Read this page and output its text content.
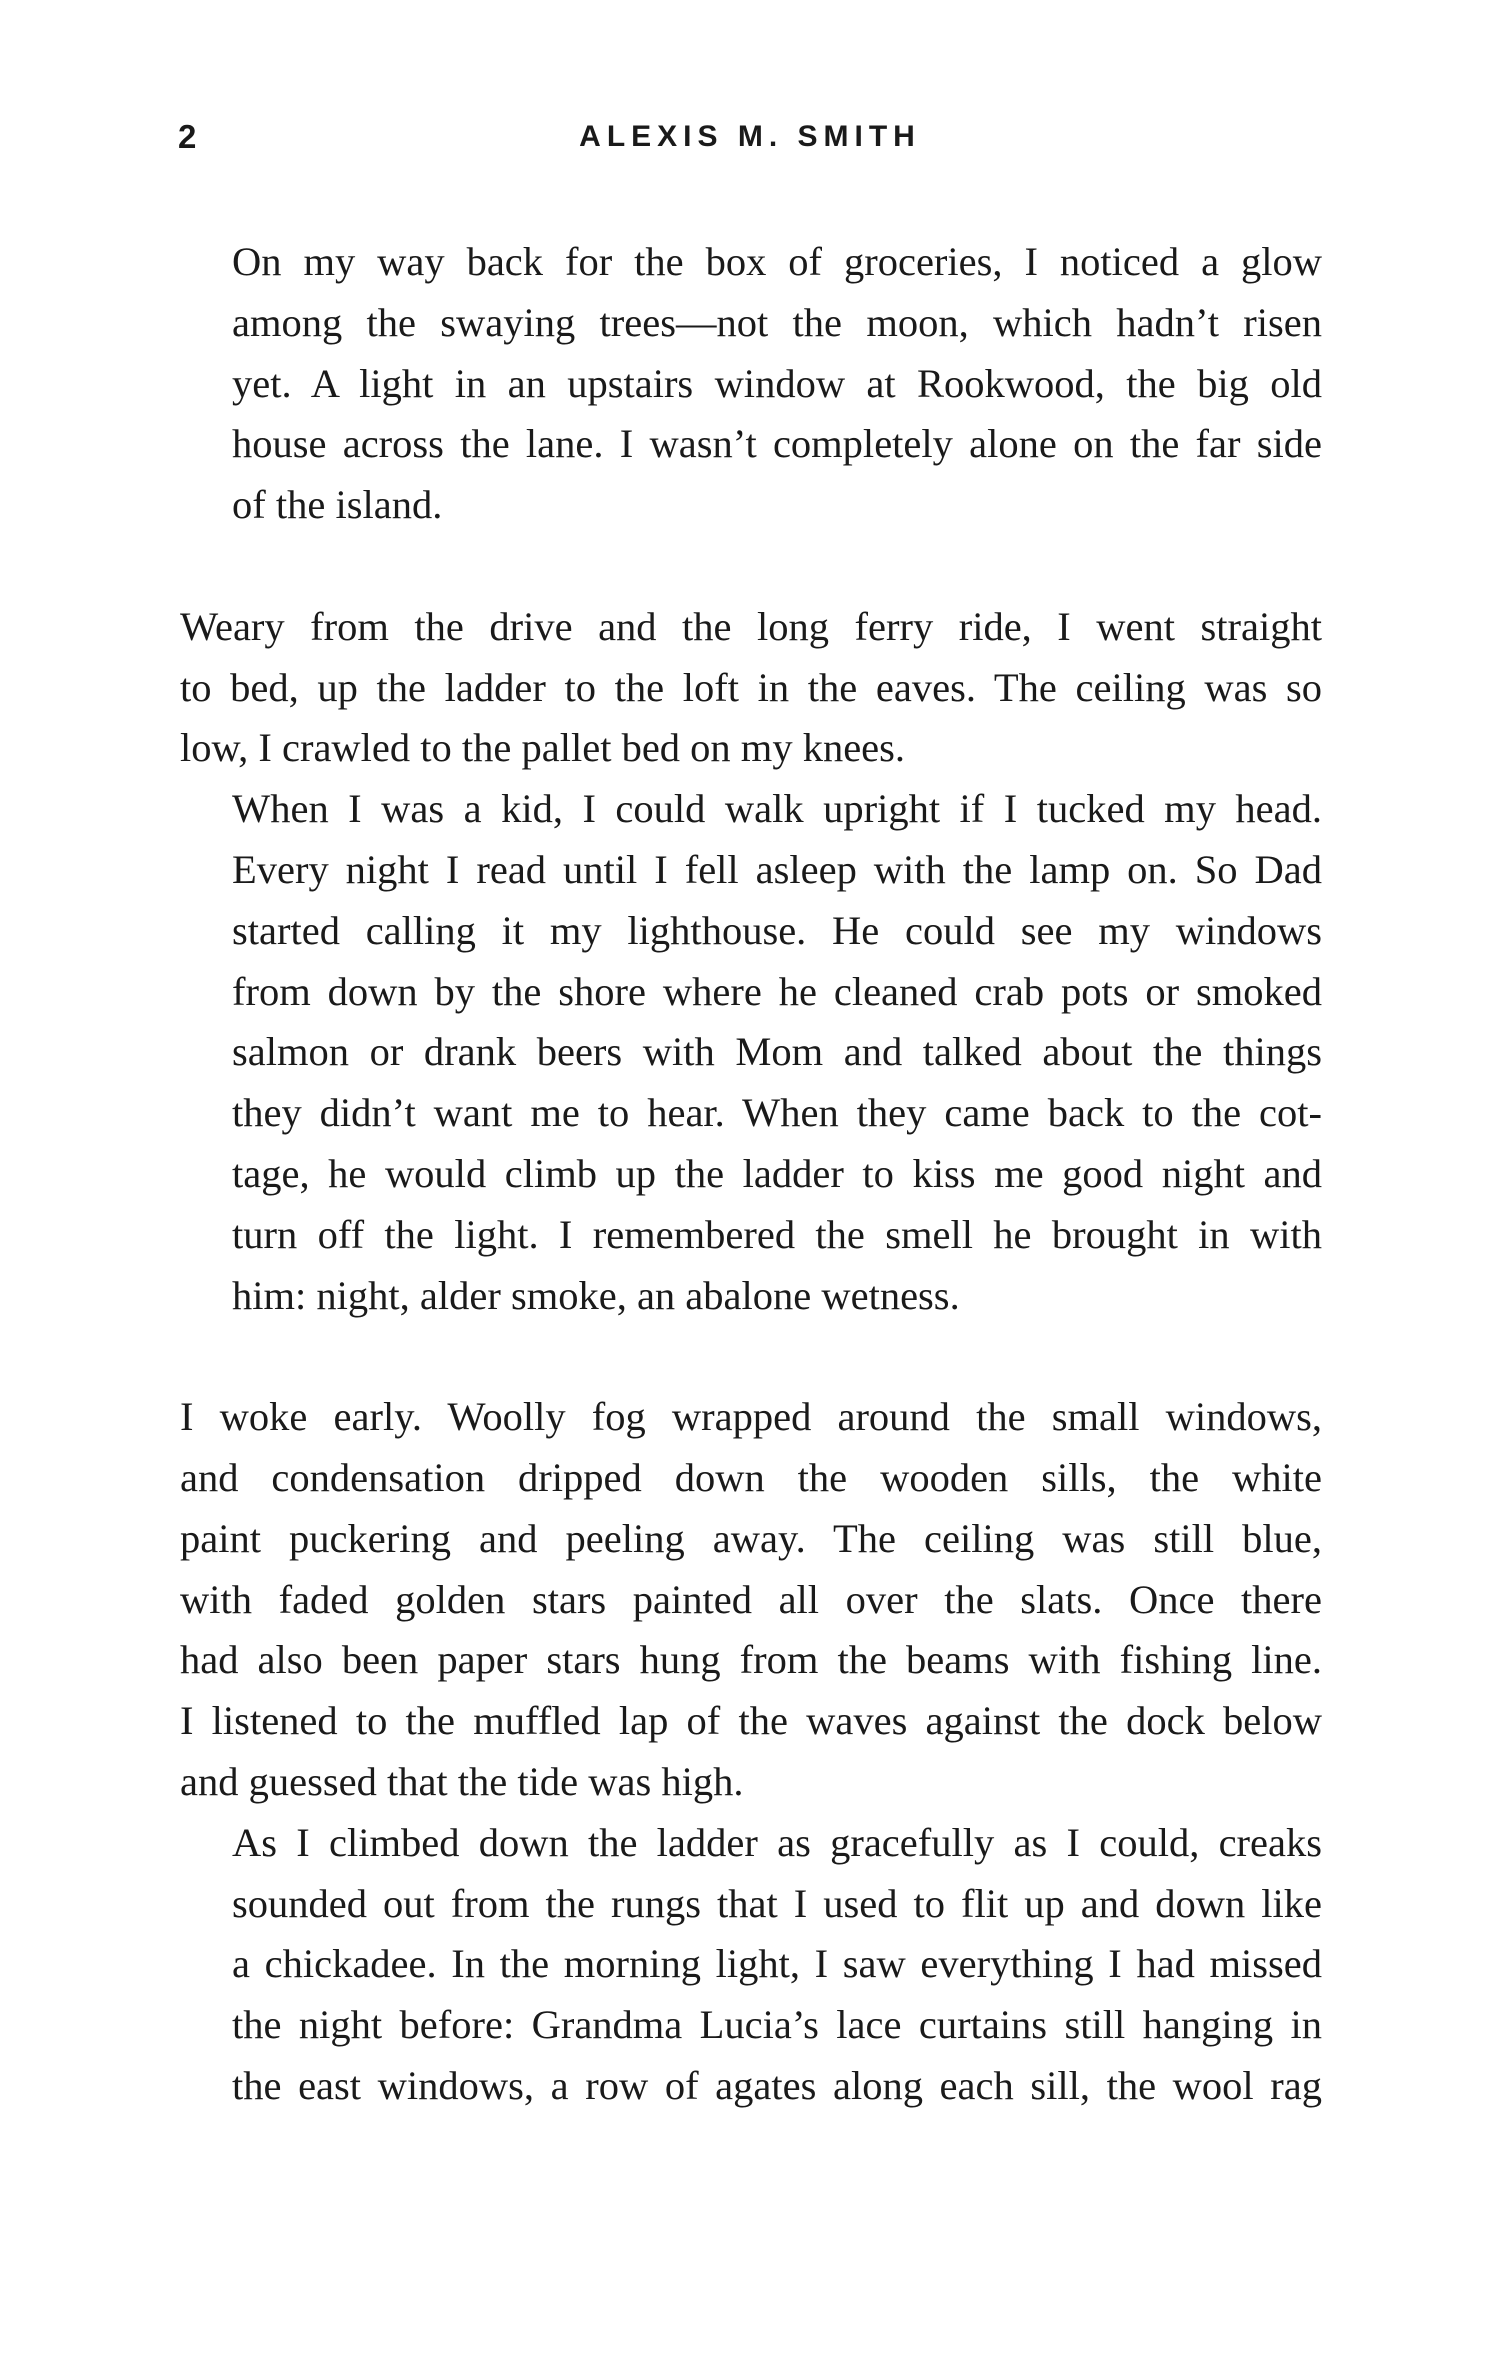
2	ALEXIS M. SMITH

On my way back for the box of groceries, I noticed a glow
among the swaying trees—not the moon, which hadn’t risen
yet. A light in an upstairs window at Rookwood, the big old
house across the lane. I wasn’t completely alone on the far side
of the island.

Weary from the drive and the long ferry ride, I went straight
to bed, up the ladder to the loft in the eaves. The ceiling was so
low, I crawled to the pallet bed on my knees.

When I was a kid, I could walk upright if I tucked my head.
Every night I read until I fell asleep with the lamp on. So Dad
started calling it my lighthouse. He could see my windows
from down by the shore where he cleaned crab pots or smoked
salmon or drank beers with Mom and talked about the things
they didn’t want me to hear. When they came back to the cot-
tage, he would climb up the ladder to kiss me good night and
turn off the light. I remembered the smell he brought in with
him: night, alder smoke, an abalone wetness.

I woke early. Woolly fog wrapped around the small windows,
and condensation dripped down the wooden sills, the white
paint puckering and peeling away. The ceiling was still blue,
with faded golden stars painted all over the slats. Once there
had also been paper stars hung from the beams with fishing line.
I listened to the muffled lap of the waves against the dock below
and guessed that the tide was high.

As I climbed down the ladder as gracefully as I could, creaks
sounded out from the rungs that I used to flit up and down like
a chickadee. In the morning light, I saw everything I had missed
the night before: Grandma Lucia’s lace curtains still hanging in
the east windows, a row of agates along each sill, the wool rag
